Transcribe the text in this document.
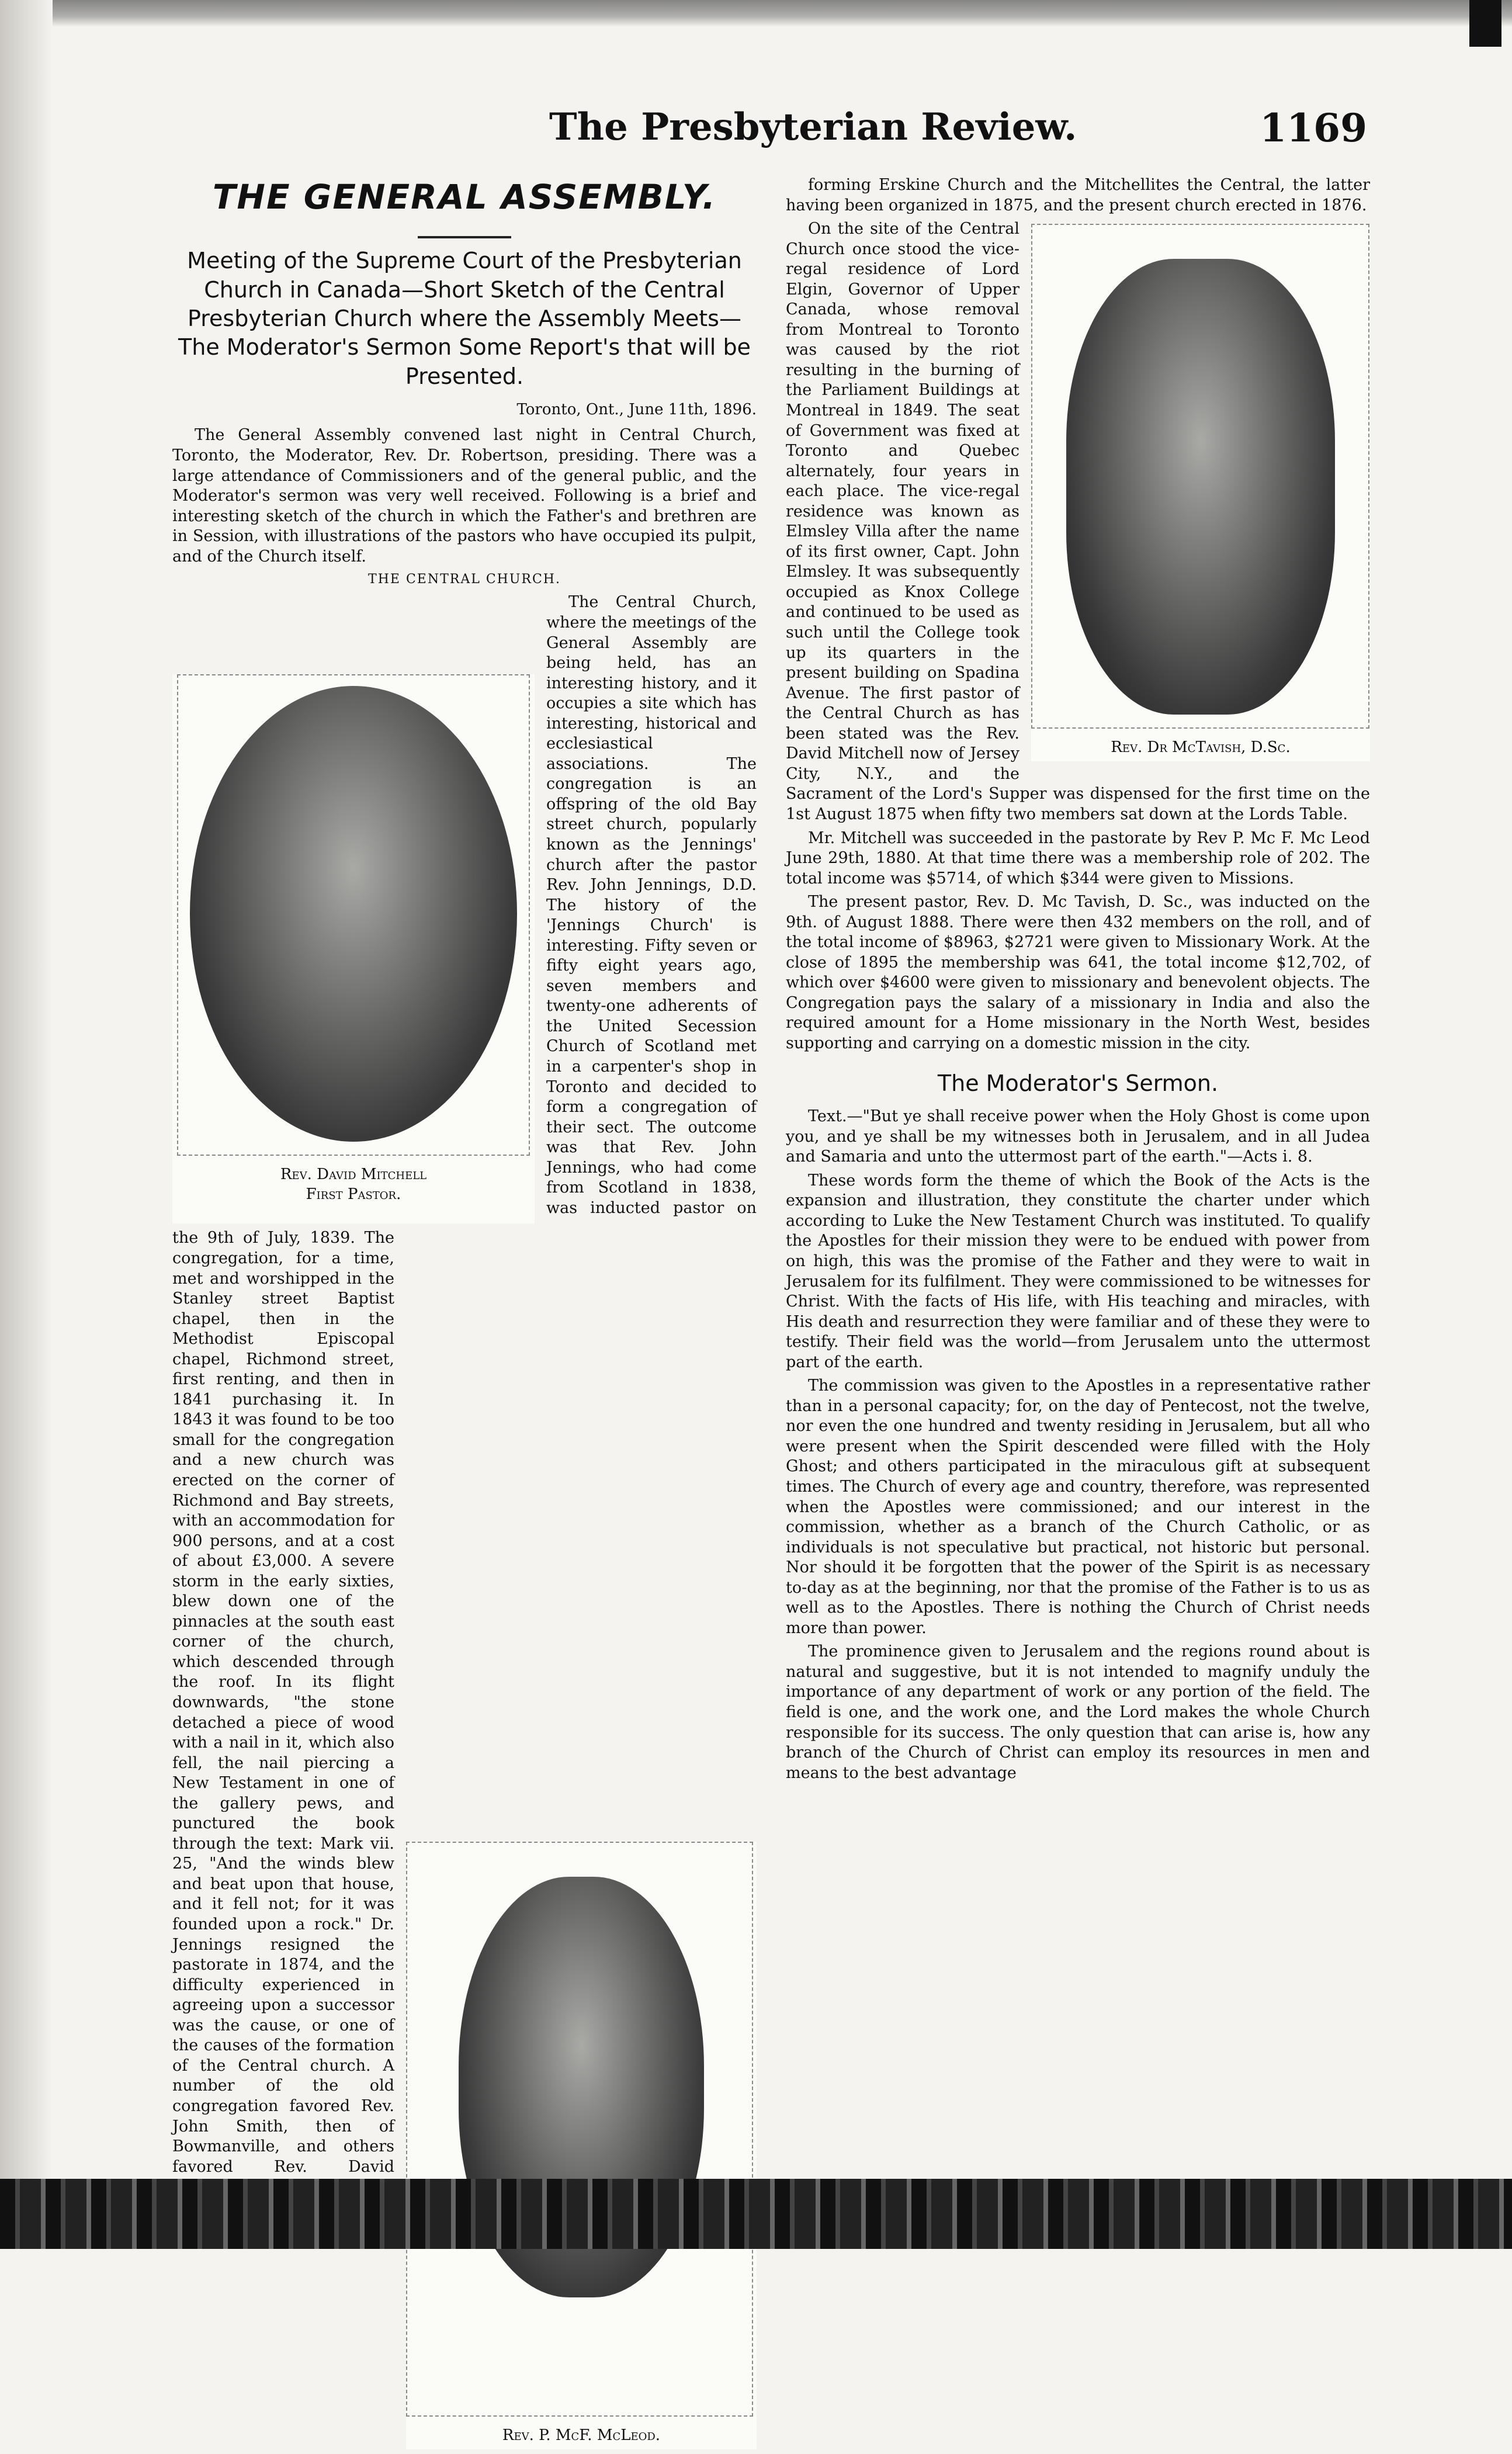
The Presbyterian Review.	1169
THE GENERAL ASSEMBLY.
Meeting of the Supreme Court of the Presbyterian Church in Canada—Short Sketch of the Central Presbyterian Church where the Assembly Meets—The Moderator's Sermon Some Report's that will be Presented.
Toronto, Ont., June 11th, 1896.

The General Assembly convened last night in Central Church, Toronto, the Moderator, Rev. Dr. Robertson, presiding. There was a large attendance of Commissioners and of the general public, and the Moderator's sermon was very well received. Following is a brief and interesting sketch of the church in which the Father's and brethren are in Session, with illustrations of the pastors who have occupied its pulpit, and of the Church itself.

THE CENTRAL CHURCH.
Rev. David Mitchell
First Pastor.
Rev. P. McF. McLeod.

The Central Church, where the meetings of the General Assembly are being held, has an interesting history, and it occupies a site which has interesting, historical and ecclesiastical associations. The congregation is an offspring of the old Bay street church, popularly known as the Jennings' church after the pastor Rev. John Jennings, D.D. The history of the 'Jennings Church' is interesting. Fifty seven or fifty eight years ago, seven members and twenty-one adherents of the United Secession Church of Scotland met in a carpenter's shop in Toronto and decided to form a congregation of their sect. The outcome was that Rev. John Jennings, who had come from Scotland in 1838, was inducted pastor on the 9th of July, 1839. The congregation, for a time, met and worshipped in the Stanley street Baptist chapel, then in the Methodist Episcopal chapel, Richmond street, first renting, and then in 1841 purchasing it. In 1843 it was found to be too small for the congregation and a new church was erected on the corner of Richmond and Bay streets, with an accommodation for 900 persons, and at a cost of about £3,000. A severe storm in the early sixties, blew down one of the pinnacles at the south east corner of the church, which descended through the roof. In its flight downwards, "the stone detached a piece of wood with a nail in it, which also fell, the nail piercing a New Testament in one of the gallery pews, and punctured the book through the text: Mark vii. 25, "And the winds blew and beat upon that house, and it fell not; for it was founded upon a rock." Dr. Jennings resigned the pastorate in 1874, and the difficulty experienced in agreeing upon a successor was the cause, or one of the causes of the formation of the Central church. A number of the old congregation favored Rev. John Smith, then of Bowmanville, and others favored Rev. David

forming Erskine Church and the Mitchellites the Central, the latter having been organized in 1875, and the present church erected in 1876.

Rev. Dr McTavish, D.Sc.

On the site of the Central Church once stood the vice-regal residence of Lord Elgin, Governor of Upper Canada, whose removal from Montreal to Toronto was caused by the riot resulting in the burning of the Parliament Buildings at Montreal in 1849. The seat of Government was fixed at Toronto and Quebec alternately, four years in each place. The vice-regal residence was known as Elmsley Villa after the name of its first owner, Capt. John Elmsley. It was subsequently occupied as Knox College and continued to be used as such until the College took up its quarters in the present building on Spadina Avenue. The first pastor of the Central Church as has been stated was the Rev. David Mitchell now of Jersey City, N.Y., and the Sacrament of the Lord's Supper was dispensed for the first time on the 1st August 1875 when fifty two members sat down at the Lords Table.

Mr. Mitchell was succeeded in the pastorate by Rev P. Mc F. Mc Leod June 29th, 1880. At that time there was a membership role of 202. The total income was $5714, of which $344 were given to Missions.

The present pastor, Rev. D. Mc Tavish, D. Sc., was inducted on the 9th. of August 1888. There were then 432 members on the roll, and of the total income of $8963, $2721 were given to Missionary Work. At the close of 1895 the membership was 641, the total income $12,702, of which over $4600 were given to missionary and benevolent objects. The Congregation pays the salary of a missionary in India and also the required amount for a Home missionary in the North West, besides supporting and carrying on a domestic mission in the city.

The Moderator's Sermon.

Text.—"But ye shall receive power when the Holy Ghost is come upon you, and ye shall be my witnesses both in Jerusalem, and in all Judea and Samaria and unto the uttermost part of the earth."—Acts i. 8.

These words form the theme of which the Book of the Acts is the expansion and illustration, they constitute the charter under which according to Luke the New Testament Church was instituted. To qualify the Apostles for their mission they were to be endued with power from on high, this was the promise of the Father and they were to wait in Jerusalem for its fulfilment. They were commissioned to be witnesses for Christ. With the facts of His life, with His teaching and miracles, with His death and resurrection they were familiar and of these they were to testify. Their field was the world—from Jerusalem unto the uttermost part of the earth.

The commission was given to the Apostles in a representative rather than in a personal capacity; for, on the day of Pentecost, not the twelve, nor even the one hundred and twenty residing in Jerusalem, but all who were present when the Spirit descended were filled with the Holy Ghost; and others participated in the miraculous gift at subsequent times. The Church of every age and country, therefore, was represented when the Apostles were commissioned; and our interest in the commission, whether as a branch of the Church Catholic, or as individuals is not speculative but practical, not historic but personal. Nor should it be forgotten that the power of the Spirit is as necessary to-day as at the beginning, nor that the promise of the Father is to us as well as to the Apostles. There is nothing the Church of Christ needs more than power.

The prominence given to Jerusalem and the regions round about is natural and suggestive, but it is not intended to magnify unduly the importance of any department of work or any portion of the field. The field is one, and the work one, and the Lord makes the whole Church responsible for its success. The only question that can arise is, how any branch of the Church of Christ can employ its resources in men and means to the best advantage
